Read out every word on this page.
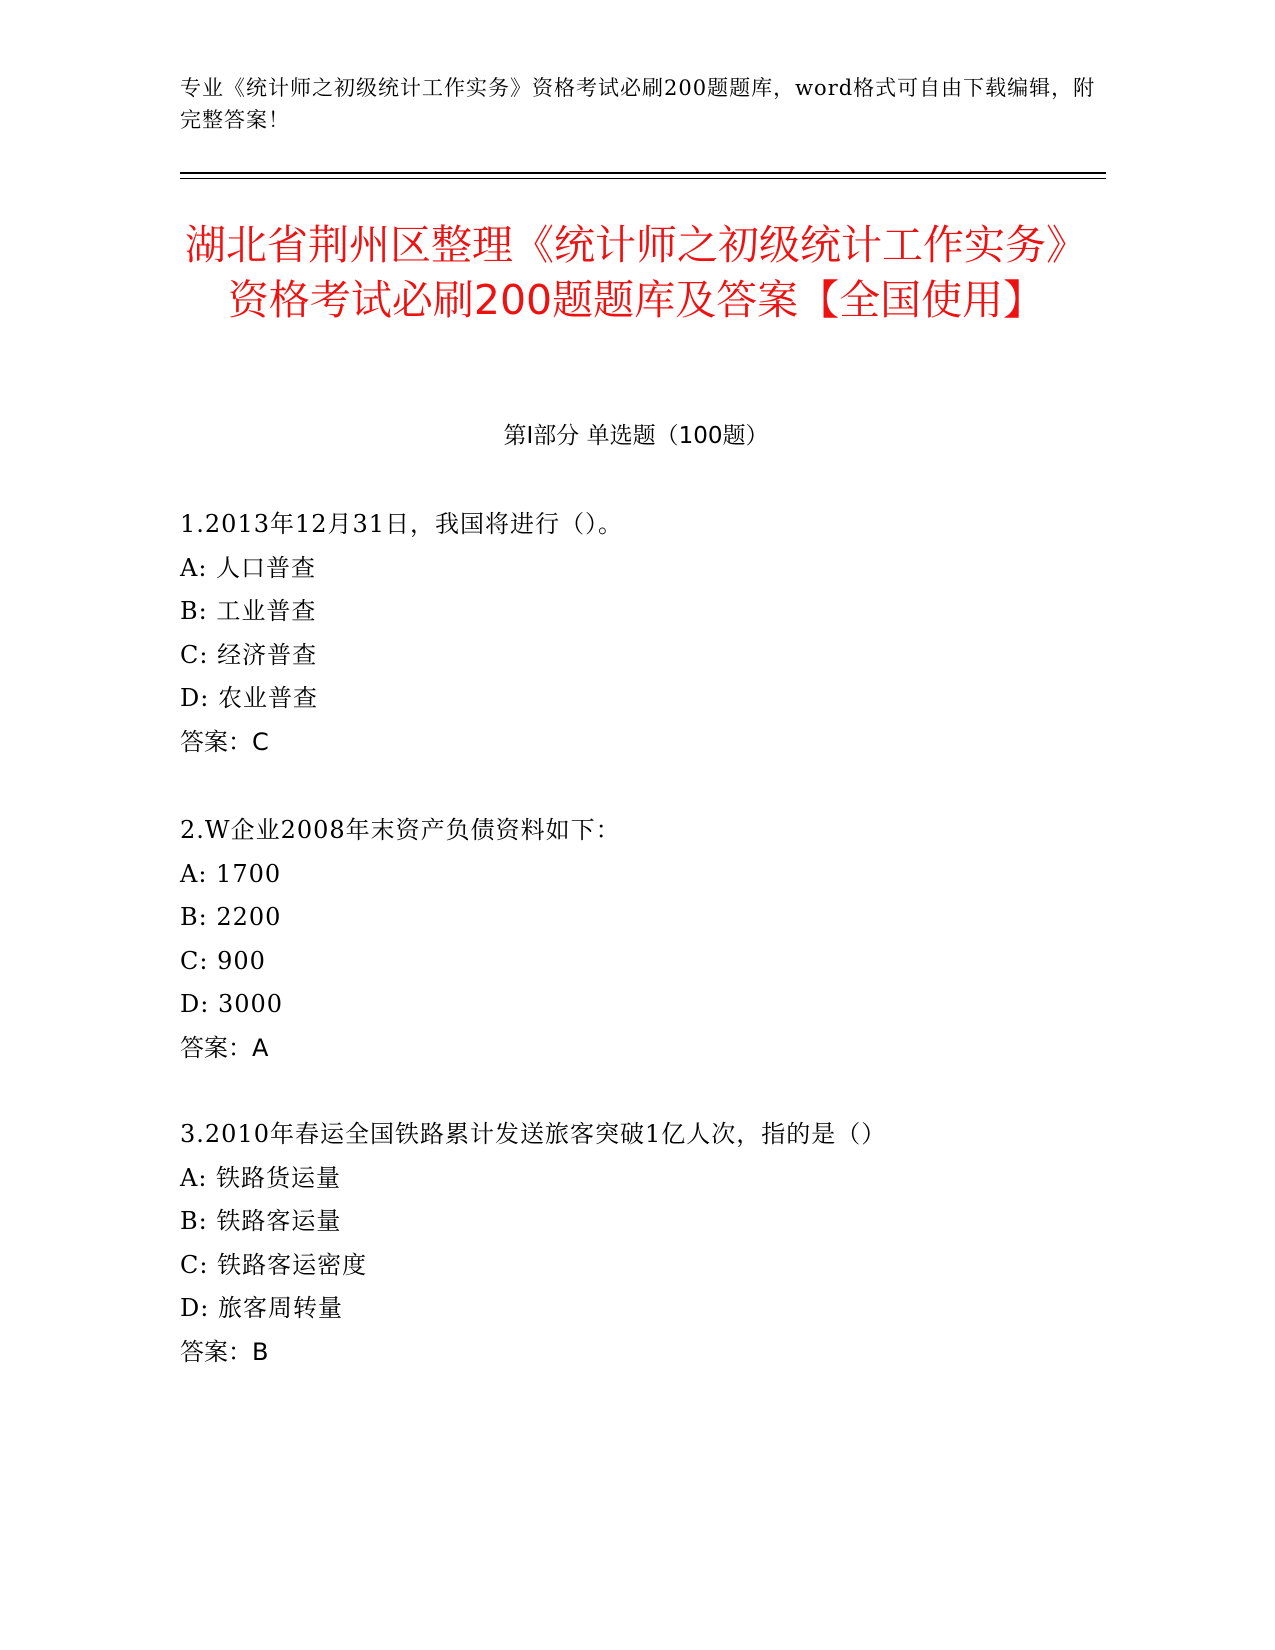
专业《统计师之初级统计工作实务》资格考试必刷200题题库，word格式可自由下载编辑，附完整答案！
湖北省荆州区整理《统计师之初级统计工作实务》资格考试必刷200题题库及答案【全国使用】
第I部分 单选题（100题）
1.2013年12月31日，我国将进行（）。
A: 人口普查
B: 工业普查
C: 经济普查
D: 农业普查
答案：C
2.W企业2008年末资产负债资料如下：
A: 1700
B: 2200
C: 900
D: 3000
答案：A
3.2010年春运全国铁路累计发送旅客突破1亿人次，指的是（）
A: 铁路货运量
B: 铁路客运量
C: 铁路客运密度
D: 旅客周转量
答案：B
